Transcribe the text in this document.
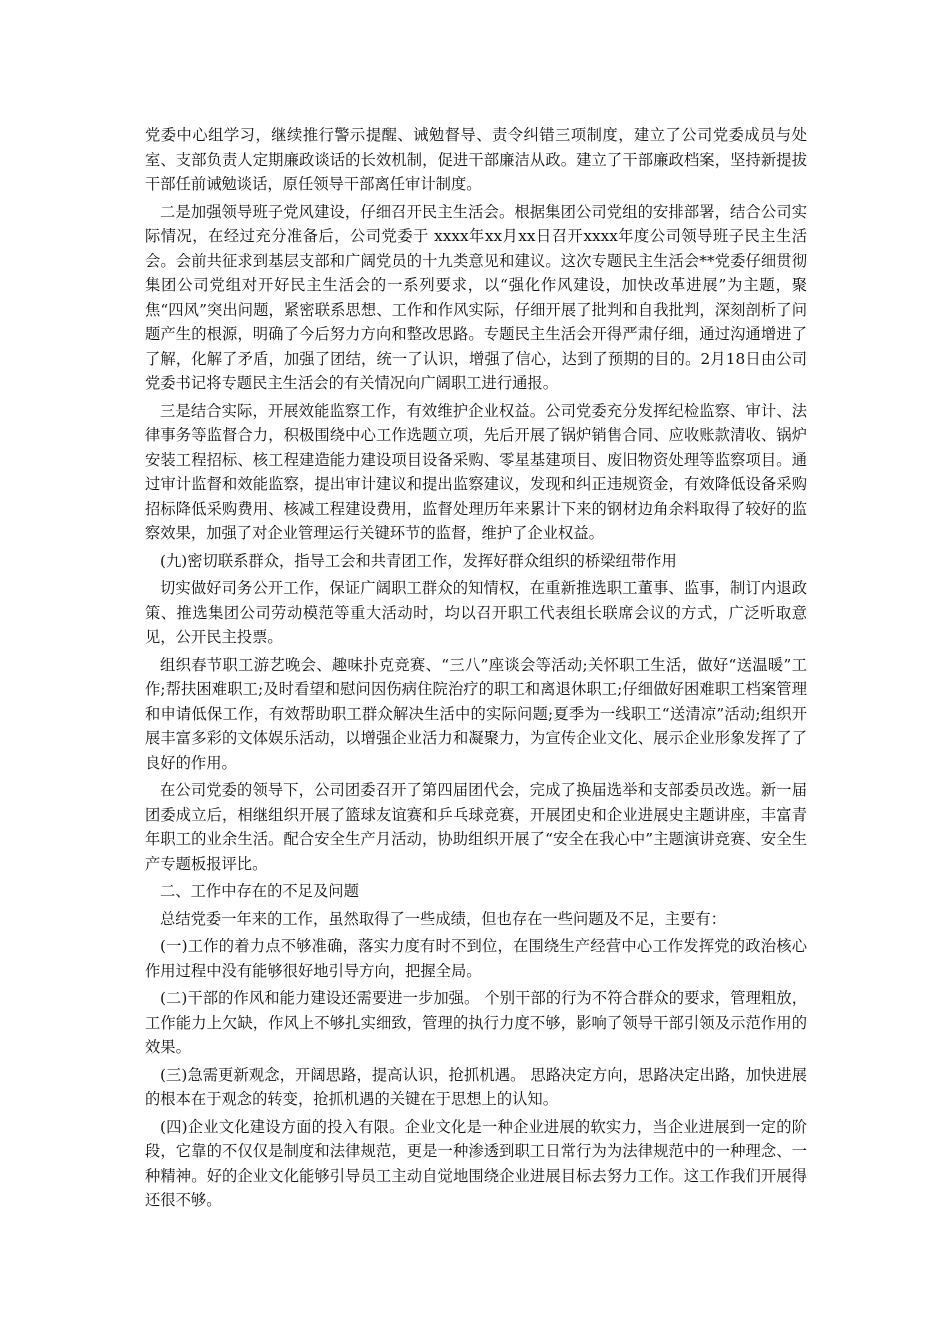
党委中心组学习，继续推行警示提醒、诫勉督导、责令纠错三项制度，建立了公司党委成员与处室、支部负责人定期廉政谈话的长效机制，促进干部廉洁从政。建立了干部廉政档案，坚持新提拔干部任前诫勉谈话，原任领导干部离任审计制度。

二是加强领导班子党风建设，仔细召开民主生活会。根据集团公司党组的安排部署，结合公司实际情况，在经过充分准备后，公司党委于 xxxx年xx月xx日召开xxxx年度公司领导班子民主生活会。会前共征求到基层支部和广阔党员的十九类意见和建议。这次专题民主生活会**党委仔细贯彻集团公司党组对开好民主生活会的一系列要求，以“强化作风建设，加快改革进展”为主题，聚焦“四风”突出问题，紧密联系思想、工作和作风实际，仔细开展了批判和自我批判，深刻剖析了问题产生的根源，明确了今后努力方向和整改思路。专题民主生活会开得严肃仔细，通过沟通增进了了解，化解了矛盾，加强了团结，统一了认识，增强了信心，达到了预期的目的。2月18日由公司党委书记将专题民主生活会的有关情况向广阔职工进行通报。

三是结合实际，开展效能监察工作，有效维护企业权益。公司党委充分发挥纪检监察、审计、法律事务等监督合力，积极围绕中心工作选题立项，先后开展了锅炉销售合同、应收账款清收、锅炉安装工程招标、核工程建造能力建设项目设备采购、零星基建项目、废旧物资处理等监察项目。通过审计监督和效能监察，提出审计建议和提出监察建议，发现和纠正违规资金，有效降低设备采购招标降低采购费用、核减工程建设费用，监督处理历年来累计下来的钢材边角余料取得了较好的监察效果，加强了对企业管理运行关键环节的监督，维护了企业权益。

(九)密切联系群众，指导工会和共青团工作，发挥好群众组织的桥梁纽带作用

切实做好司务公开工作，保证广阔职工群众的知情权，在重新推选职工董事、监事，制订内退政策、推选集团公司劳动模范等重大活动时，均以召开职工代表组长联席会议的方式，广泛听取意见，公开民主投票。

组织春节职工游艺晚会、趣味扑克竞赛、“三八”座谈会等活动;关怀职工生活，做好“送温暖”工作;帮扶困难职工;及时看望和慰问因伤病住院治疗的职工和离退休职工;仔细做好困难职工档案管理和申请低保工作，有效帮助职工群众解决生活中的实际问题;夏季为一线职工“送清凉”活动;组织开展丰富多彩的文体娱乐活动，以增强企业活力和凝聚力，为宣传企业文化、展示企业形象发挥了了良好的作用。

在公司党委的领导下，公司团委召开了第四届团代会，完成了换届选举和支部委员改选。新一届团委成立后，相继组织开展了篮球友谊赛和乒乓球竞赛，开展团史和企业进展史主题讲座，丰富青年职工的业余生活。配合安全生产月活动，协助组织开展了“安全在我心中”主题演讲竞赛、安全生产专题板报评比。

二、工作中存在的不足及问题

总结党委一年来的工作，虽然取得了一些成绩，但也存在一些问题及不足，主要有：

(一)工作的着力点不够准确，落实力度有时不到位，在围绕生产经营中心工作发挥党的政治核心作用过程中没有能够很好地引导方向，把握全局。

(二)干部的作风和能力建设还需要进一步加强。 个别干部的行为不符合群众的要求，管理粗放，工作能力上欠缺，作风上不够扎实细致，管理的执行力度不够，影响了领导干部引领及示范作用的效果。

(三)急需更新观念，开阔思路，提高认识，抢抓机遇。 思路决定方向，思路决定出路，加快进展的根本在于观念的转变，抢抓机遇的关键在于思想上的认知。

(四)企业文化建设方面的投入有限。企业文化是一种企业进展的软实力，当企业进展到一定的阶段，它靠的不仅仅是制度和法律规范，更是一种渗透到职工日常行为为法律规范中的一种理念、一种精神。好的企业文化能够引导员工主动自觉地围绕企业进展目标去努力工作。这工作我们开展得还很不够。
